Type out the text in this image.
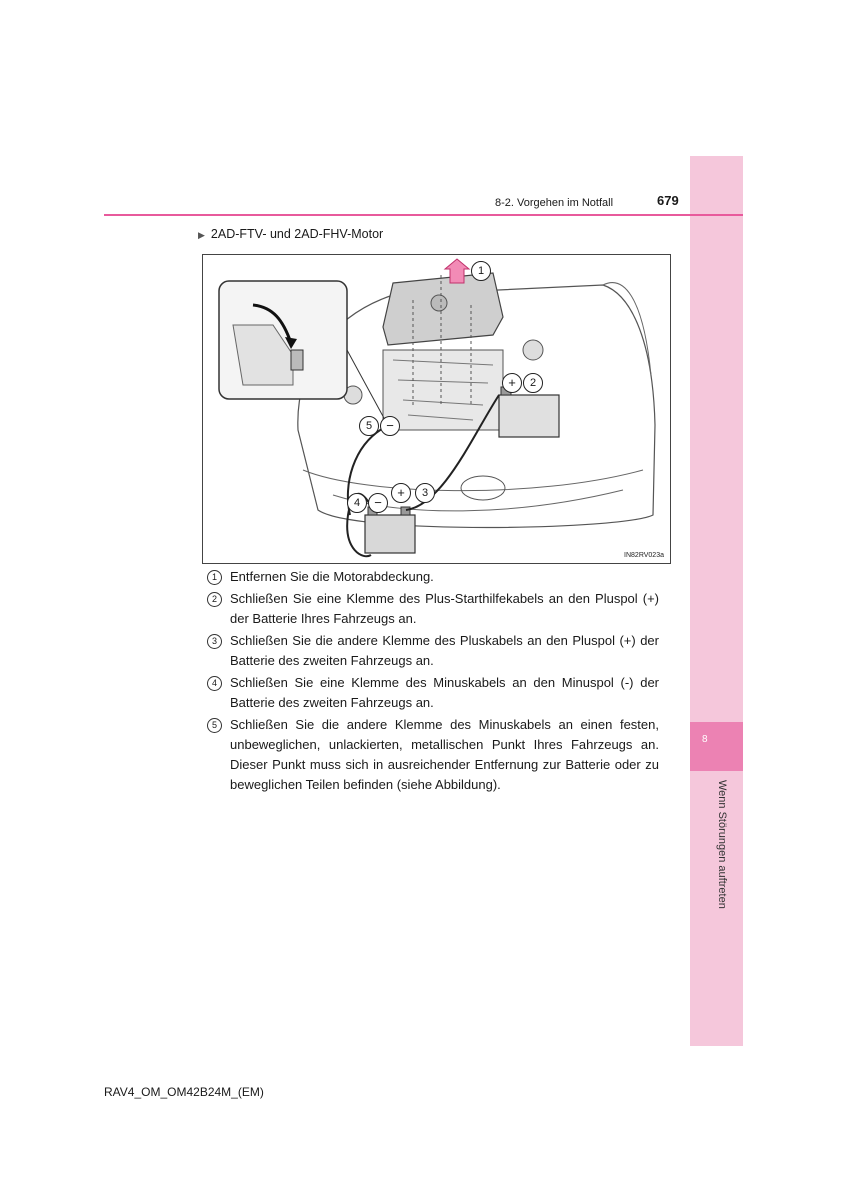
8
Wenn Störungen auftreten
8-2. Vorgehen im Notfall	679
▶ 2AD-FTV- und 2AD-FHV-Motor
1
+	2
3
+
4	−
5	−
IN82RV023a
1	Entfernen Sie die Motorabdeckung.
2	Schließen Sie eine Klemme des Plus-Starthilfekabels an den Pluspol (+) der Batterie Ihres Fahrzeugs an.
3	Schließen Sie die andere Klemme des Pluskabels an den Pluspol (+) der Batterie des zweiten Fahrzeugs an.
4	Schließen Sie eine Klemme des Minuskabels an den Minuspol (-) der Batterie des zweiten Fahrzeugs an.
5	Schließen Sie die andere Klemme des Minuskabels an einen festen, unbeweglichen, unlackierten, metallischen Punkt Ihres Fahrzeugs an. Dieser Punkt muss sich in ausreichender Entfernung zur Batterie oder zu beweglichen Teilen befinden (siehe Abbildung).
RAV4_OM_OM42B24M_(EM)
